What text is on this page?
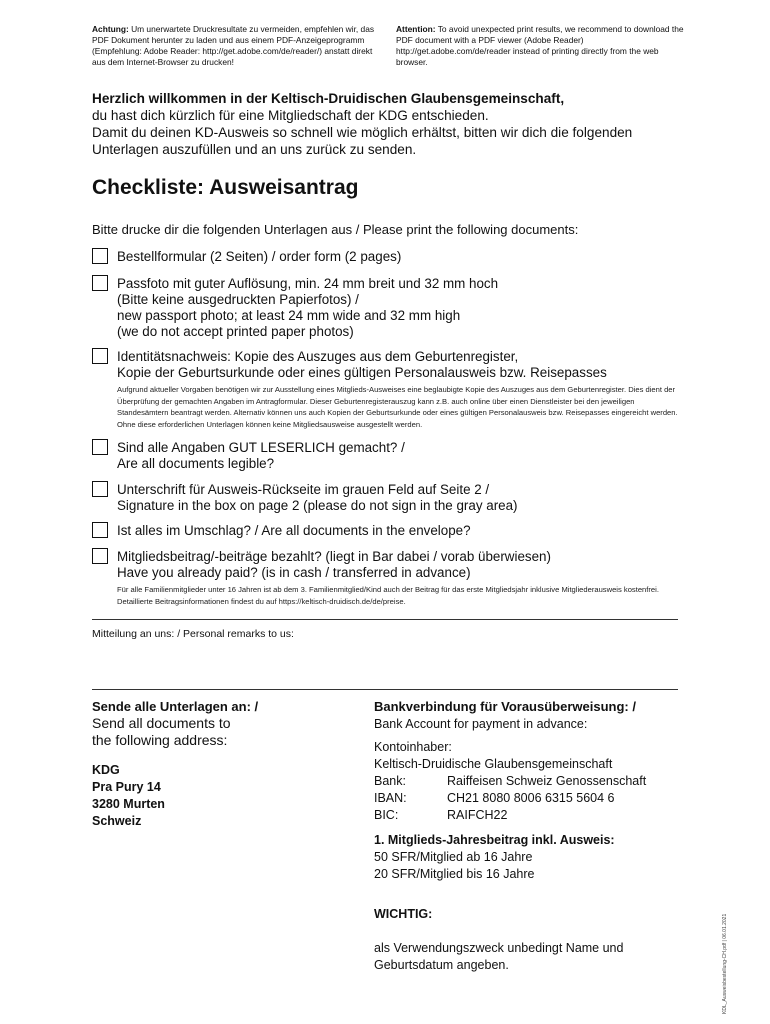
Achtung: Um unerwartete Druckresultate zu vermeiden, empfehlen wir, das PDF Dokument herunter zu laden und aus einem PDF-Anzeigeprogramm (Empfehlung: Adobe Reader: http://get.adobe.com/de/reader/) anstatt direkt aus dem Internet-Browser zu drucken!
Attention: To avoid unexpected print results, we recommend to download the PDF document with a PDF viewer (Adobe Reader) http://get.adobe.com/de/reader instead of printing directly from the web browser.
Herzlich willkommen in der Keltisch-Druidischen Glaubensgemeinschaft,
du hast dich kürzlich für eine Mitgliedschaft der KDG entschieden.
Damit du deinen KD-Ausweis so schnell wie möglich erhältst, bitten wir dich die folgenden Unterlagen auszufüllen und an uns zurück zu senden.
Checkliste: Ausweisantrag
Bitte drucke dir die folgenden Unterlagen aus / Please print the following documents:
Bestellformular (2 Seiten) / order form (2 pages)
Passfoto mit guter Auflösung, min. 24 mm breit und 32 mm hoch
(Bitte keine ausgedruckten Papierfotos) /
new passport photo; at least 24 mm wide and 32 mm high
(we do not accept printed paper photos)
Identitätsnachweis: Kopie des Auszuges aus dem Geburtenregister,
Kopie der Geburtsurkunde oder eines gültigen Personalausweis bzw. Reisepasses
Aufgrund aktueller Vorgaben benötigen wir zur Ausstellung eines Mitglieds-Ausweises eine beglaubigte Kopie des Auszuges aus dem Geburtenregister. Dies dient der Überprüfung der gemachten Angaben im Antragformular. Dieser Geburtenregisterauszug kann z.B. auch online über einen Dienstleister bei den jeweiligen Standesämtern beantragt werden. Alternativ können uns auch Kopien der Geburtsurkunde oder eines gültigen Personalausweis bzw. Reisepasses eingereicht werden. Ohne diese erforderlichen Unterlagen können keine Mitgliedsausweise ausgestellt werden.
Sind alle Angaben GUT LESERLICH gemacht? /
Are all documents legible?
Unterschrift für Ausweis-Rückseite im grauen Feld auf Seite 2 /
Signature in the box on page 2 (please do not sign in the gray area)
Ist alles im Umschlag? / Are all documents in the envelope?
Mitgliedsbeitrag/-beiträge bezahlt? (liegt in Bar dabei / vorab überwiesen)
Have you already paid? (is in cash / transferred in advance)
Für alle Familienmitglieder unter 16 Jahren ist ab dem 3. Familienmitglied/Kind auch der Beitrag für das erste Mitgliedsjahr inklusive Mitgliederausweis kostenfrei. Detaillierte Beitragsinformationen findest du auf https://keltisch-druidisch.de/de/preise.
Mitteilung an uns: / Personal remarks to us:
Sende alle Unterlagen an: /
Send all documents to
the following address:
KDG
Pra Pury 14
3280 Murten
Schweiz
Bankverbindung für Vorausüberweisung: /
Bank Account for payment in advance:
Kontoinhaber:
Keltisch-Druidische Glaubensgemeinschaft
Bank:	Raiffeisen Schweiz Genossenschaft
IBAN:	CH21 8080 8006 6315 5604 6
BIC:	RAIFCH22
1. Mitglieds-Jahresbeitrag inkl. Ausweis:
50 SFR/Mitglied ab 16 Jahre
20 SFR/Mitglied bis 16 Jahre

WICHTIG:

als Verwendungszweck unbedingt Name und
Geburtsdatum angeben.	KDL_Ausweisbestellung-CH.pdf | 06.01.2021
